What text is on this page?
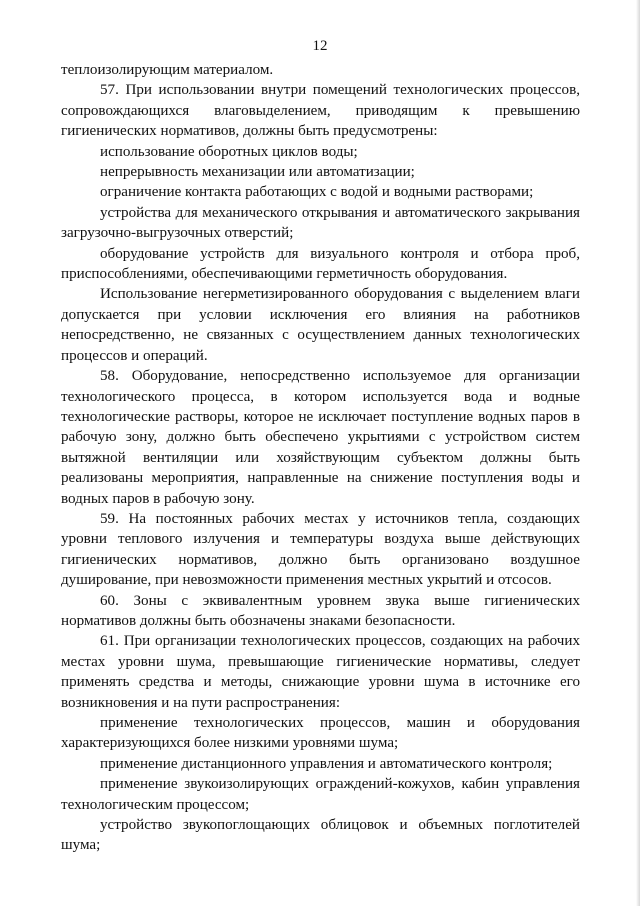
12

теплоизолирующим материалом.

57. При использовании внутри помещений технологических процессов, сопровождающихся влаговыделением, приводящим к превышению гигиенических нормативов, должны быть предусмотрены:

использование оборотных циклов воды;

непрерывность механизации или автоматизации;

ограничение контакта работающих с водой и водными растворами;

устройства для механического открывания и автоматического закрывания загрузочно-выгрузочных отверстий;

оборудование устройств для визуального контроля и отбора проб, приспособлениями, обеспечивающими герметичность оборудования.

Использование негерметизированного оборудования с выделением влаги допускается при условии исключения его влияния на работников непосредственно, не связанных с осуществлением данных технологических процессов и операций.

58. Оборудование, непосредственно используемое для организации технологического процесса, в котором используется вода и водные технологические растворы, которое не исключает поступление водных паров в рабочую зону, должно быть обеспечено укрытиями с устройством систем вытяжной вентиляции или хозяйствующим субъектом должны быть реализованы мероприятия, направленные на снижение поступления воды и водных паров в рабочую зону.

59. На постоянных рабочих местах у источников тепла, создающих уровни теплового излучения и температуры воздуха выше действующих гигиенических нормативов, должно быть организовано воздушное душирование, при невозможности применения местных укрытий и отсосов.

60. Зоны с эквивалентным уровнем звука выше гигиенических нормативов должны быть обозначены знаками безопасности.

61. При организации технологических процессов, создающих на рабочих местах уровни шума, превышающие гигиенические нормативы, следует применять средства и методы, снижающие уровни шума в источнике его возникновения и на пути распространения:

применение технологических процессов, машин и оборудования характеризующихся более низкими уровнями шума;

применение дистанционного управления и автоматического контроля;

применение звукоизолирующих ограждений-кожухов, кабин управления технологическим процессом;

устройство звукопоглощающих облицовок и объемных поглотителей шума;
